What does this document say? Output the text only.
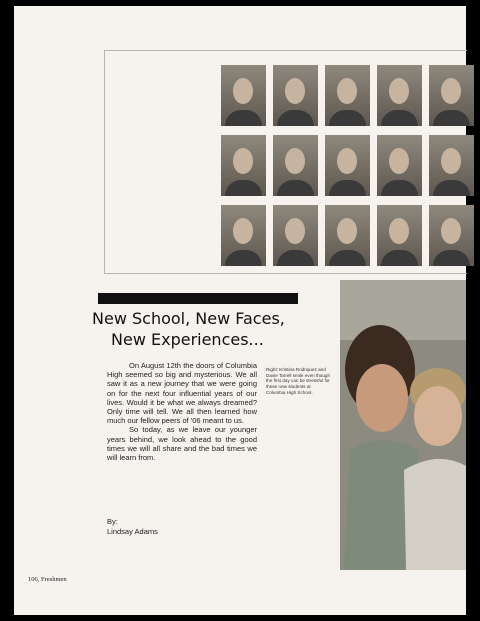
New School, New Faces,
New Experiences...

On August 12th the doors of Columbia High seemed so big and mysterious. We all saw it as a new journey that we were going on for the next four influential years of our lives. Would it be what we always dreamed? Only time will tell. We all then learned how much our fellow peers of '06 meant to us.

So today, as we leave our younger years behind, we look ahead to the good times we will all share and the bad times we will learn from.

Right: Kristina Rodriquez and Davie Tarrell smile even though the first day can be stressful for these new students at Columbia High School.
By:
Lindsay Adams
106, Freshmen
